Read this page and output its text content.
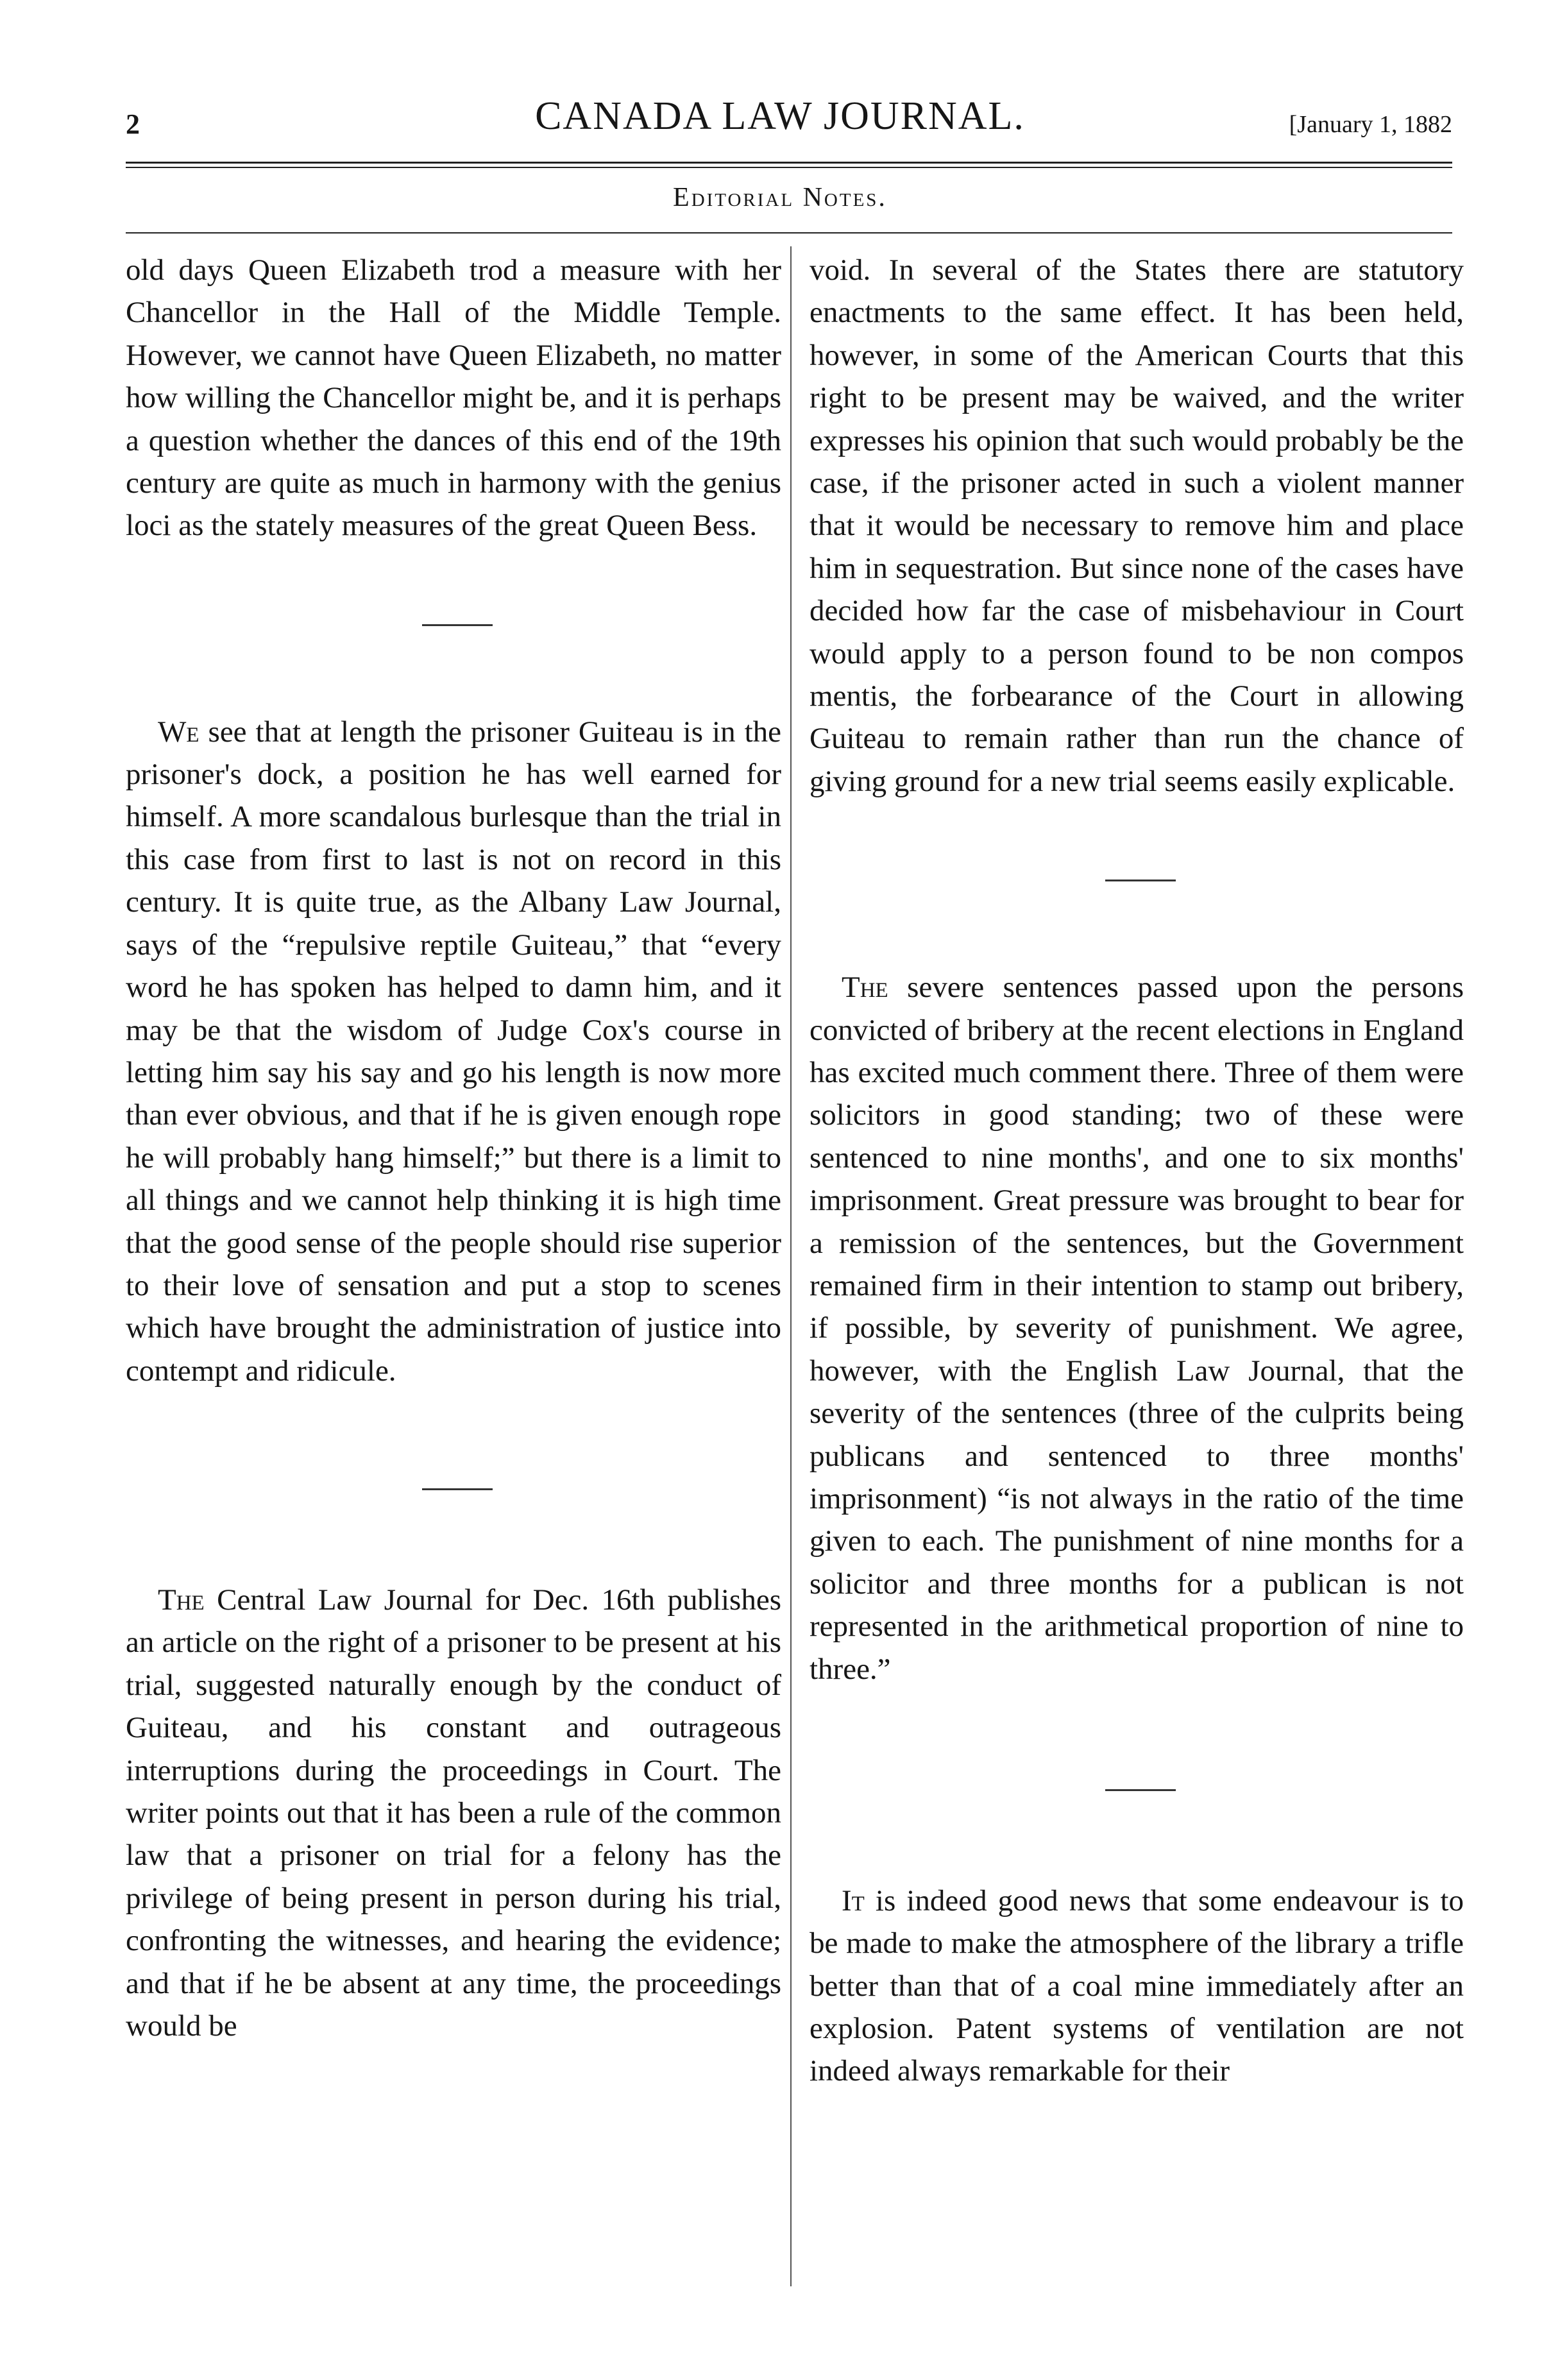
2	CANADA LAW JOURNAL.	[January 1, 1882
Editorial Notes.

old days Queen Elizabeth trod a measure with her Chancellor in the Hall of the Middle Temple. However, we cannot have Queen Elizabeth, no matter how willing the Chancellor might be, and it is perhaps a question whether the dances of this end of the 19th century are quite as much in harmony with the genius loci as the stately measures of the great Queen Bess.

We see that at length the prisoner Guiteau is in the prisoner's dock, a position he has well earned for himself. A more scandalous burlesque than the trial in this case from first to last is not on record in this century. It is quite true, as the Albany Law Journal, says of the “repulsive reptile Guiteau,” that “every word he has spoken has helped to damn him, and it may be that the wisdom of Judge Cox's course in letting him say his say and go his length is now more than ever obvious, and that if he is given enough rope he will probably hang himself;” but there is a limit to all things and we cannot help thinking it is high time that the good sense of the people should rise superior to their love of sensation and put a stop to scenes which have brought the administration of justice into contempt and ridicule.

The Central Law Journal for Dec. 16th publishes an article on the right of a prisoner to be present at his trial, suggested naturally enough by the conduct of Guiteau, and his constant and outrageous interruptions during the proceedings in Court. The writer points out that it has been a rule of the common law that a prisoner on trial for a felony has the privilege of being present in person during his trial, confronting the witnesses, and hearing the evidence; and that if he be absent at any time, the proceedings would be

void. In several of the States there are statutory enactments to the same effect. It has been held, however, in some of the American Courts that this right to be present may be waived, and the writer expresses his opinion that such would probably be the case, if the prisoner acted in such a violent manner that it would be necessary to remove him and place him in sequestration. But since none of the cases have decided how far the case of misbehaviour in Court would apply to a person found to be non compos mentis, the forbearance of the Court in allowing Guiteau to remain rather than run the chance of giving ground for a new trial seems easily explicable.

The severe sentences passed upon the persons convicted of bribery at the recent elections in England has excited much comment there. Three of them were solicitors in good standing; two of these were sentenced to nine months', and one to six months' imprisonment. Great pressure was brought to bear for a remission of the sentences, but the Government remained firm in their intention to stamp out bribery, if possible, by severity of punishment. We agree, however, with the English Law Journal, that the severity of the sentences (three of the culprits being publicans and sentenced to three months' imprisonment) “is not always in the ratio of the time given to each. The punishment of nine months for a solicitor and three months for a publican is not represented in the arithmetical proportion of nine to three.”

It is indeed good news that some endeavour is to be made to make the atmosphere of the library a trifle better than that of a coal mine immediately after an explosion. Patent systems of ventilation are not indeed always remarkable for their
